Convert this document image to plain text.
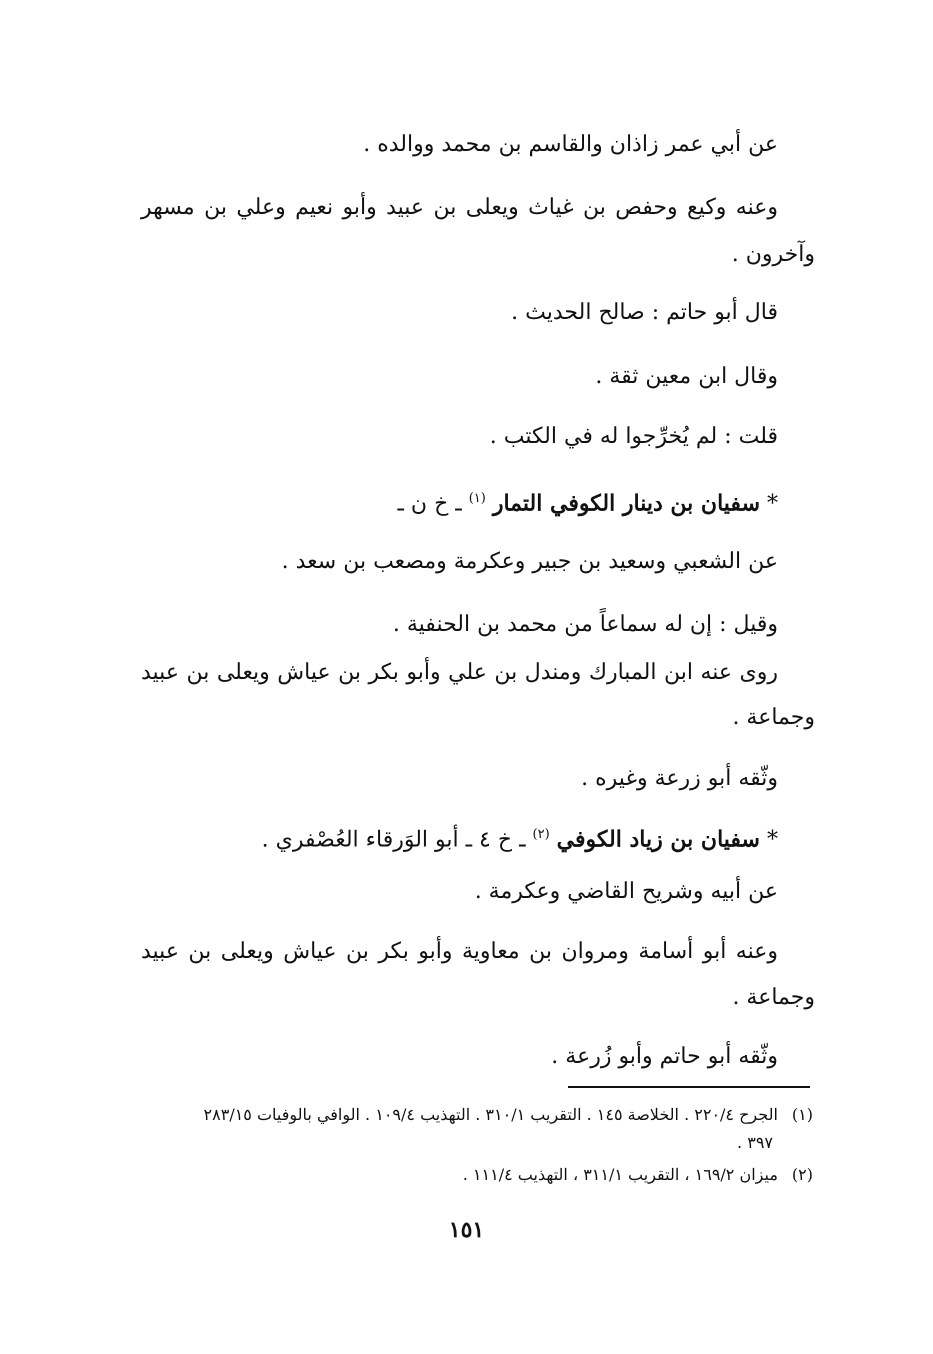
عن أبي عمر زاذان والقاسم بن محمد ووالده .
وعنه وكيع وحفص بن غياث ويعلى بن عبيد وأبو نعيم وعلي بن مسهر
وآخرون .
قال أبو حاتم : صالح الحديث .
وقال ابن معين ثقة .
قلت : لم يُخرِّجوا له في الكتب .
* سفيان بن دينار الكوفي التمار $^{(١)}$ ـ خ ن ـ
عن الشعبي وسعيد بن جبير وعكرمة ومصعب بن سعد .
وقيل : إن له سماعاً من محمد بن الحنفية .
روى عنه ابن المبارك ومندل بن علي وأبو بكر بن عياش ويعلى بن عبيد
وجماعة .
وثّقه أبو زرعة وغيره .
* سفيان بن زياد الكوفي $^{(٢)}$ ـ خ ٤ ـ أبو الوَرقاء العُصْفري .
عن أبيه وشريح القاضي وعكرمة .
وعنه أبو أسامة ومروان بن معاوية وأبو بكر بن عياش ويعلى بن عبيد
وجماعة .
وثّقه أبو حاتم وأبو زُرعة .
(١)الجرح ٢٢٠/٤ . الخلاصة ١٤٥ . التقريب ٣١٠/١ . التهذيب ١٠٩/٤ . الوافي بالوفيات ٢٨٣/١٥
٣٩٧ .
(٢)ميزان ١٦٩/٢ ، التقريب ٣١١/١ ، التهذيب ١١١/٤ .
١٥١
